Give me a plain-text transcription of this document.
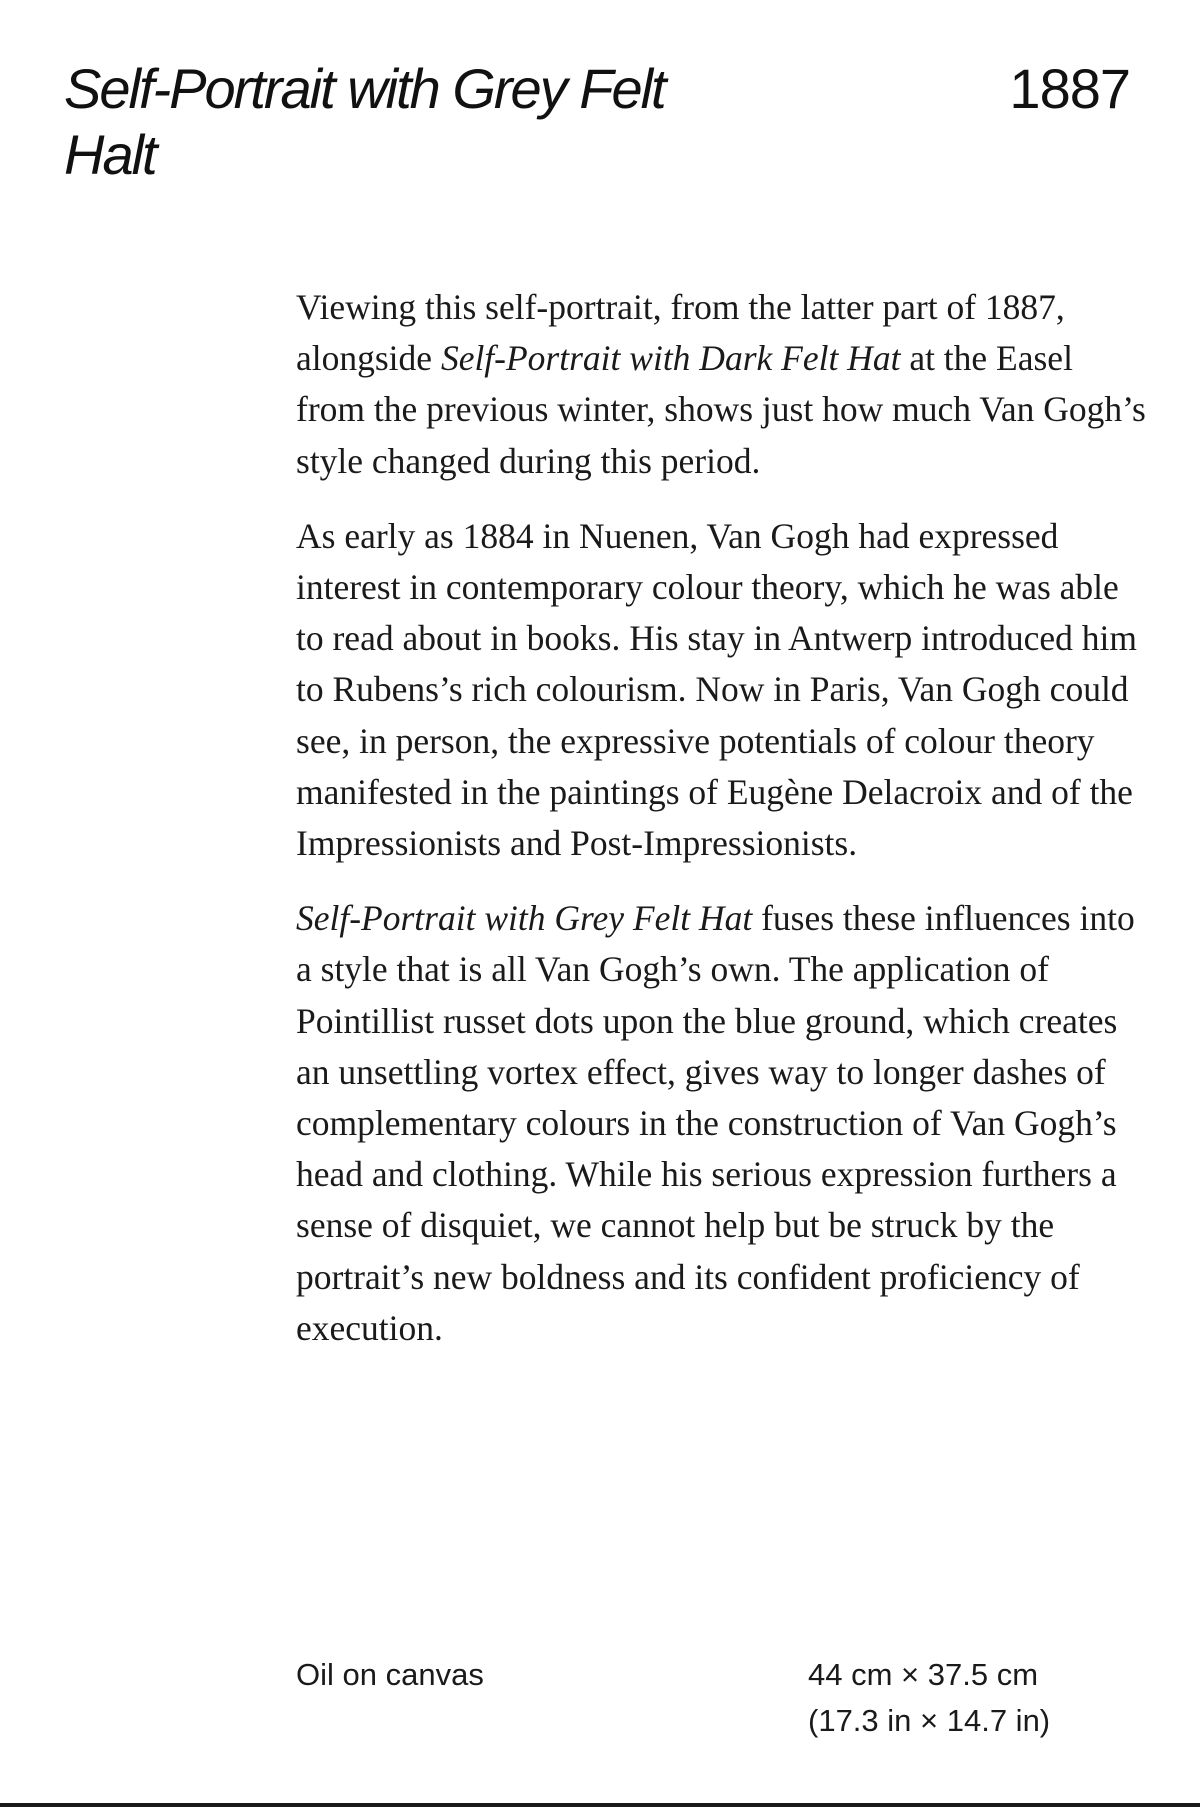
Self-Portrait with Grey Felt Halt
1887

Viewing this self-portrait, from the latter part of 1887, alongside Self-Portrait with Dark Felt Hat at the Easel from the previous winter, shows just how much Van Gogh’s style changed during this period.

As early as 1884 in Nuenen, Van Gogh had expressed interest in contemporary colour theory, which he was able to read about in books. His stay in Antwerp introduced him to Rubens’s rich colourism. Now in Paris, Van Gogh could see, in person, the expressive potentials of colour theory manifested in the paintings of Eugène Delacroix and of the Impressionists and Post-Impressionists.

Self-Portrait with Grey Felt Hat fuses these influences into a style that is all Van Gogh’s own. The application of Pointillist russet dots upon the blue ground, which creates an unsettling vortex effect, gives way to longer dashes of complementary colours in the construction of Van Gogh’s head and clothing. While his serious expression furthers a sense of disquiet, we cannot help but be struck by the portrait’s new boldness and its confident proficiency of execution.

Oil on canvas	44 cm × 37.5 cm
(17.3 in × 14.7 in)
